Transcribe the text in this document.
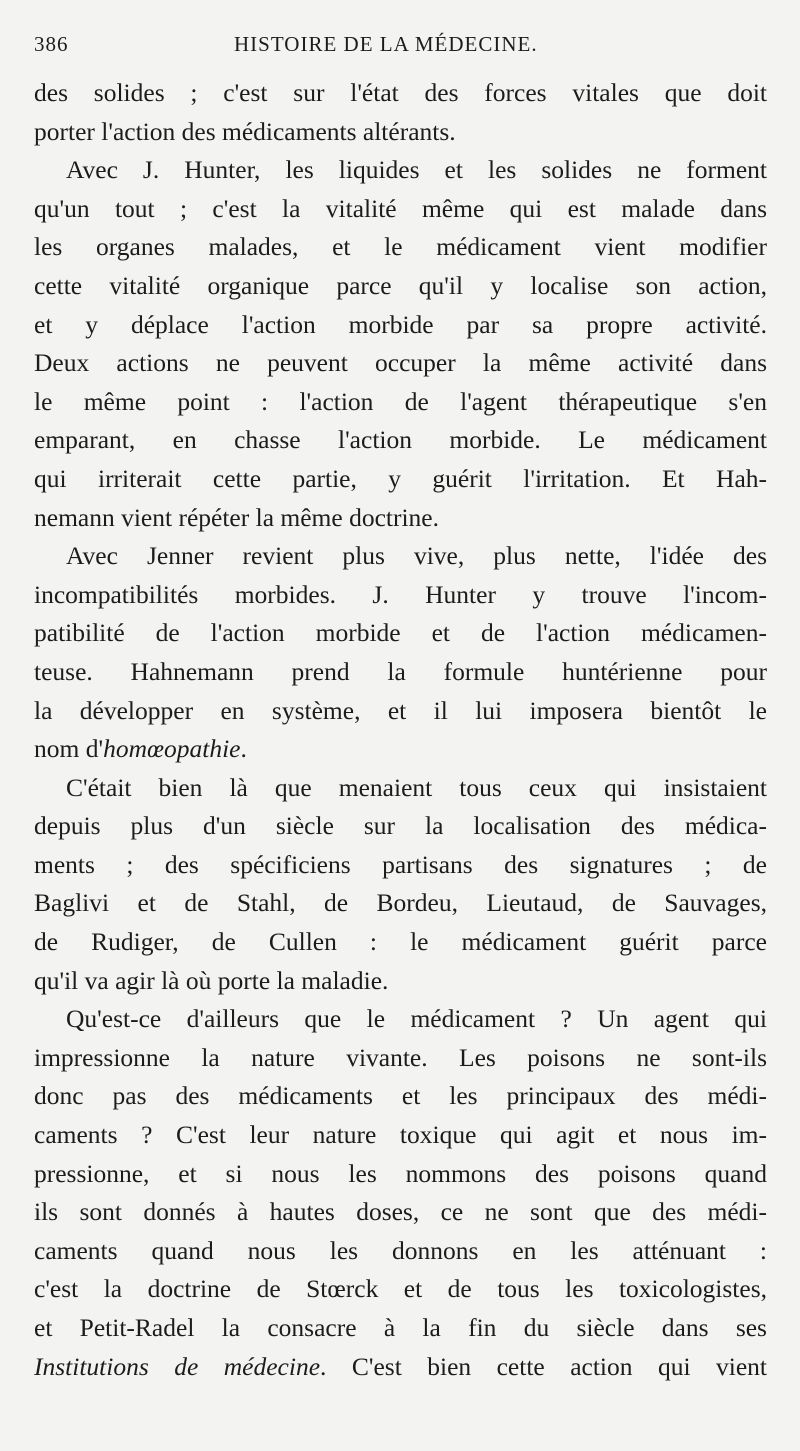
386	HISTOIRE DE LA MÉDECINE.
des solides ; c'est sur l'état des forces vitales que doit
porter l'action des médicaments altérants.
Avec J. Hunter, les liquides et les solides ne forment
qu'un tout ; c'est la vitalité même qui est malade dans
les organes malades, et le médicament vient modifier
cette vitalité organique parce qu'il y localise son action,
et y déplace l'action morbide par sa propre activité.
Deux actions ne peuvent occuper la même activité dans
le même point : l'action de l'agent thérapeutique s'en
emparant, en chasse l'action morbide. Le médicament
qui irriterait cette partie, y guérit l'irritation. Et Hah-
nemann vient répéter la même doctrine.
Avec Jenner revient plus vive, plus nette, l'idée des
incompatibilités morbides. J. Hunter y trouve l'incom-
patibilité de l'action morbide et de l'action médicamen-
teuse. Hahnemann prend la formule huntérienne pour
la développer en système, et il lui imposera bientôt le
nom d'homœopathie.
C'était bien là que menaient tous ceux qui insistaient
depuis plus d'un siècle sur la localisation des médica-
ments ; des spécificiens partisans des signatures ; de
Baglivi et de Stahl, de Bordeu, Lieutaud, de Sauvages,
de Rudiger, de Cullen : le médicament guérit parce
qu'il va agir là où porte la maladie.
Qu'est-ce d'ailleurs que le médicament ? Un agent qui
impressionne la nature vivante. Les poisons ne sont-ils
donc pas des médicaments et les principaux des médi-
caments ? C'est leur nature toxique qui agit et nous im-
pressionne, et si nous les nommons des poisons quand
ils sont donnés à hautes doses, ce ne sont que des médi-
caments quand nous les donnons en les atténuant :
c'est la doctrine de Stœrck et de tous les toxicologistes,
et Petit-Radel la consacre à la fin du siècle dans ses
Institutions de médecine. C'est bien cette action qui vient
